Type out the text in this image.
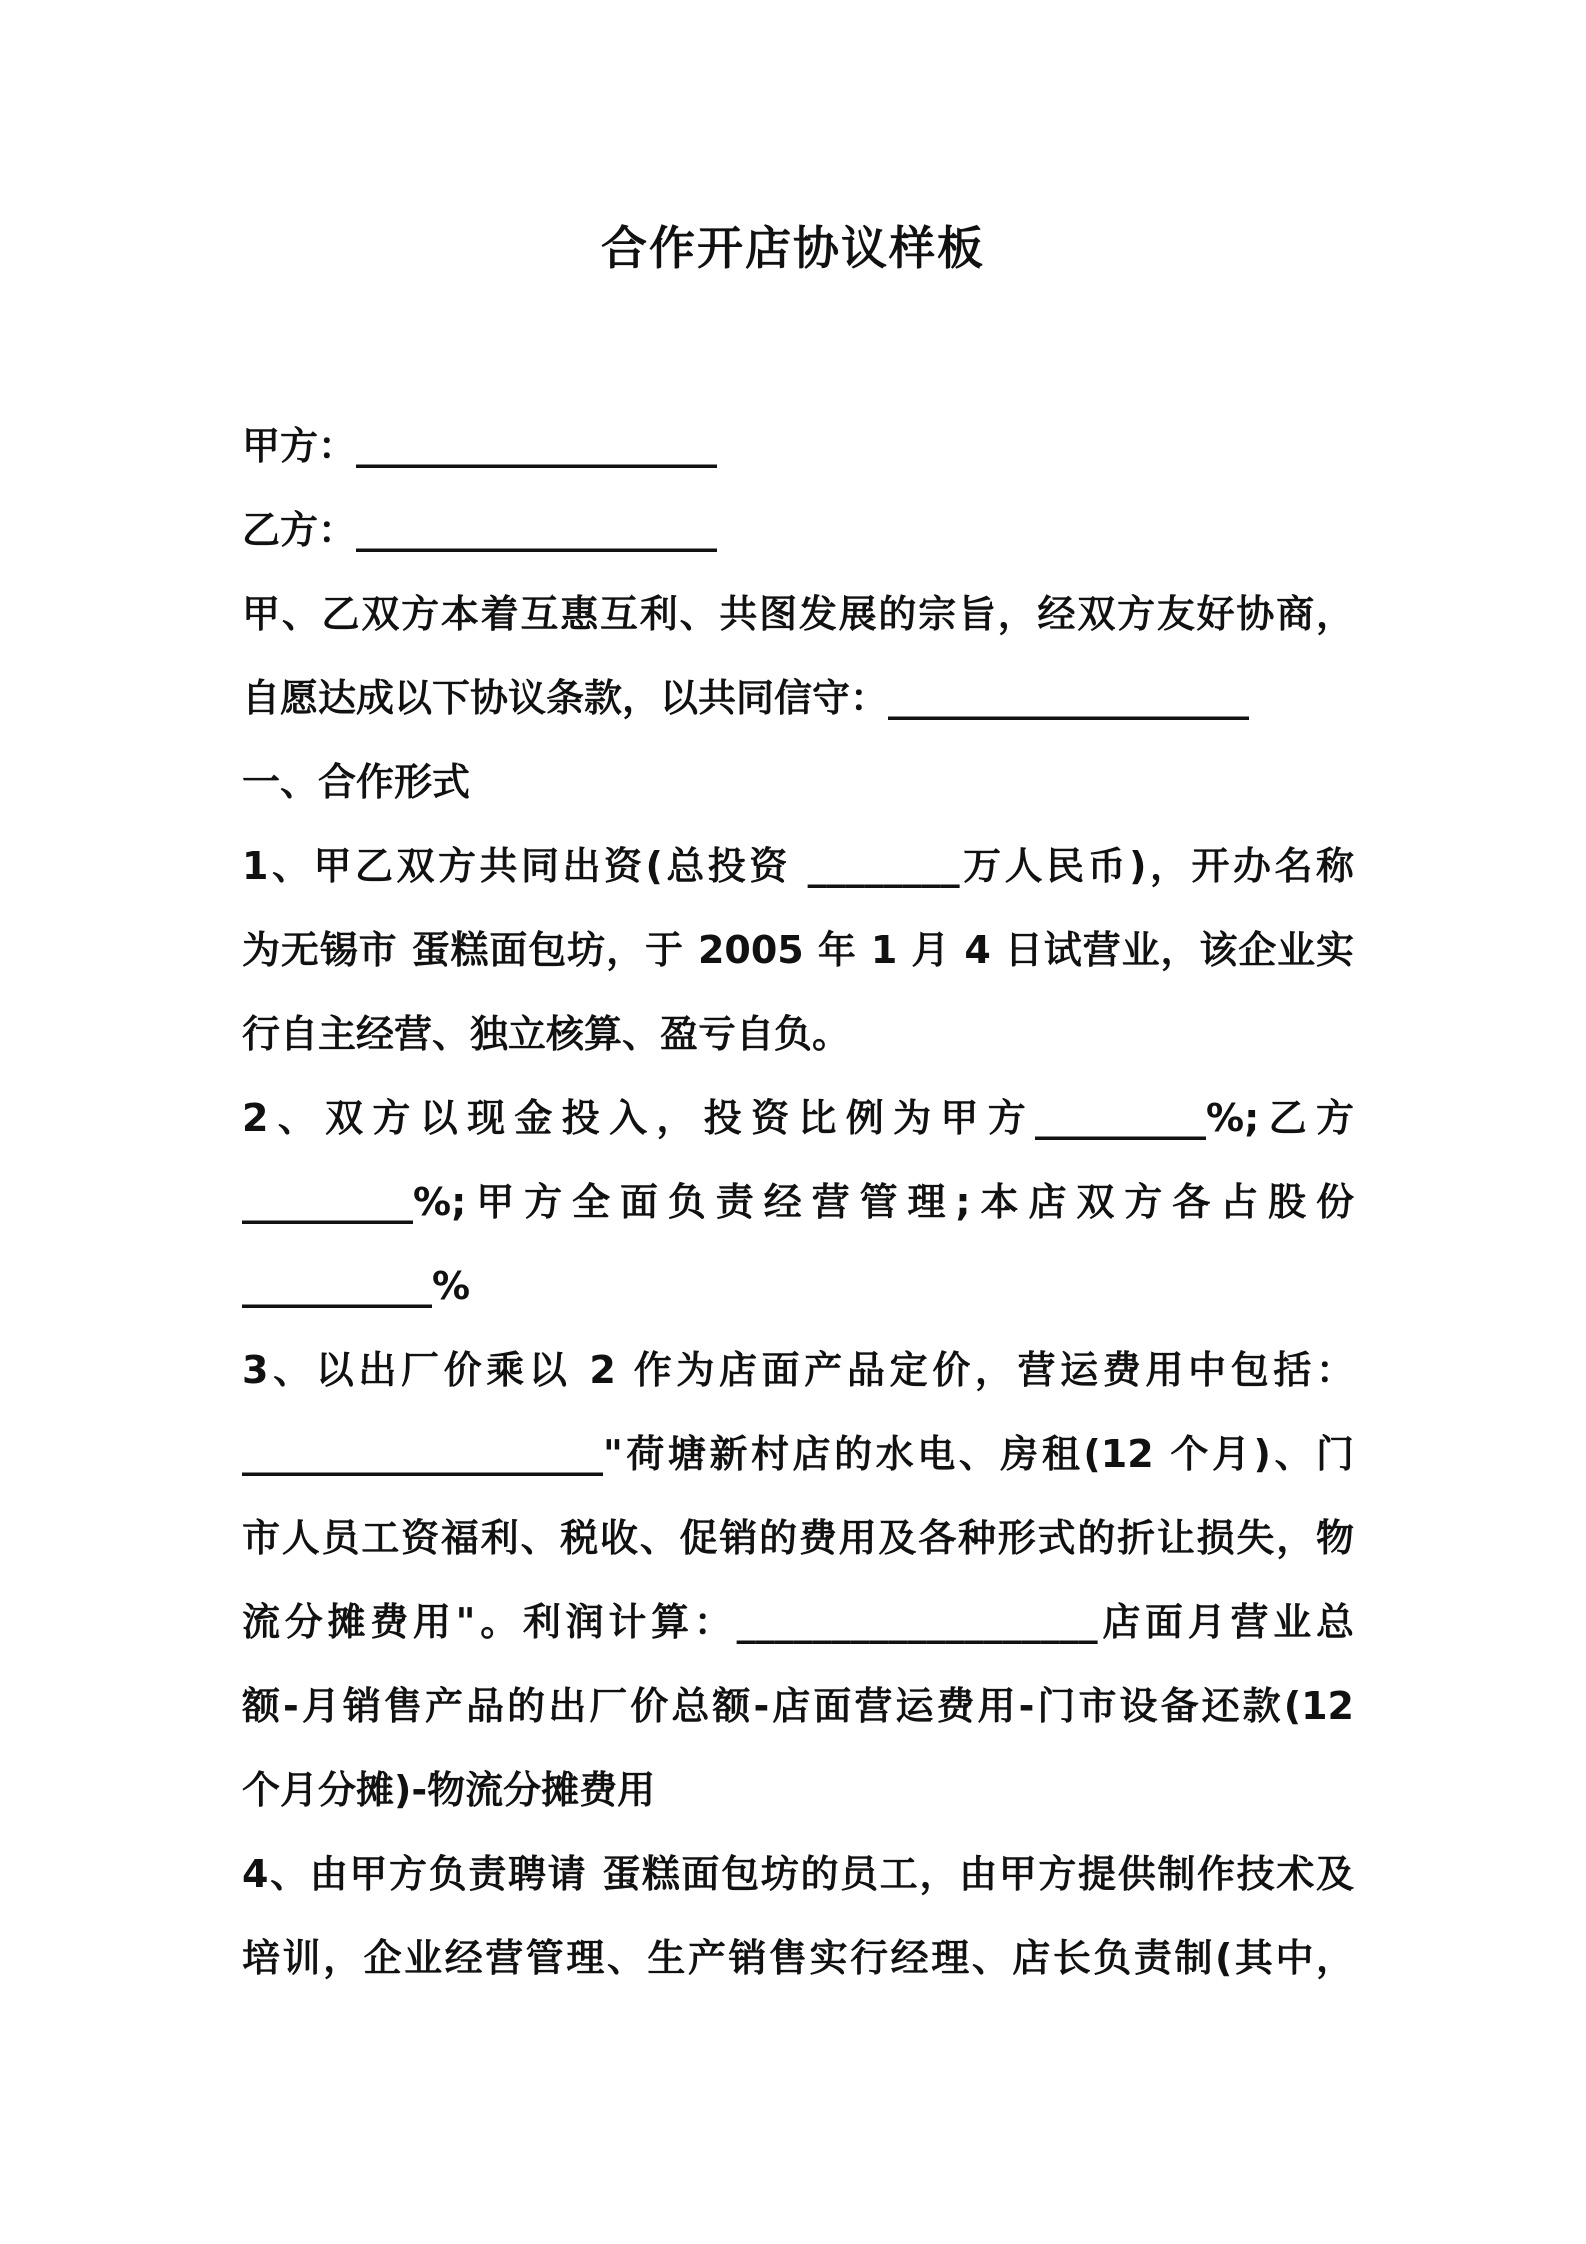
合作开店协议样板
甲方：___________________
乙方：___________________
甲、乙双方本着互惠互利、共图发展的宗旨，经双方友好协商，
自愿达成以下协议条款，以共同信守：___________________
一、合作形式
1、甲乙双方共同出资(总投资 ________万人民币)，开办名称
为无锡市 蛋糕面包坊，于 2005 年 1 月 4 日试营业，该企业实
行自主经营、独立核算、盈亏自负。
2、双方以现金投入，投资比例为甲方_________%;乙方
_________%;甲方全面负责经营管理;本店双方各占股份
__________%
3、以出厂价乘以 2 作为店面产品定价，营运费用中包括：
___________________"荷塘新村店的水电、房租(12 个月)、门
市人员工资福利、税收、促销的费用及各种形式的折让损失，物
流分摊费用"。利润计算：___________________店面月营业总
额-月销售产品的出厂价总额-店面营运费用-门市设备还款(12
个月分摊)-物流分摊费用
4、由甲方负责聘请 蛋糕面包坊的员工，由甲方提供制作技术及
培训，企业经营管理、生产销售实行经理、店长负责制(其中，
